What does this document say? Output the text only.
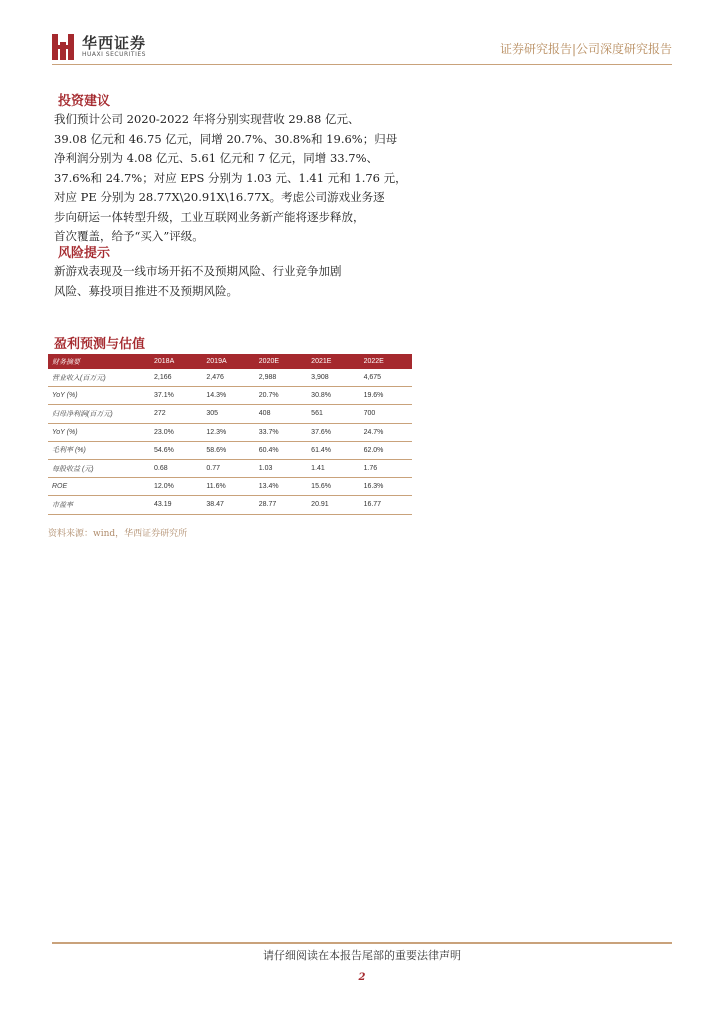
华西证券
HUAXI SECURITIES	证券研究报告|公司深度研究报告
投资建议
我们预计公司 2020-2022 年将分别实现营收 29.88 亿元、
39.08 亿元和 46.75 亿元，同增 20.7%、30.8%和 19.6%；归母
净利润分别为 4.08 亿元、5.61 亿元和 7 亿元，同增 33.7%、
37.6%和 24.7%；对应 EPS 分别为 1.03 元、1.41 元和 1.76 元，
对应 PE 分别为 28.77X\20.91X\16.77X。考虑公司游戏业务逐
步向研运一体转型升级，工业互联网业务新产能将逐步释放，
首次覆盖，给予“买入”评级。
风险提示
新游戏表现及一线市场开拓不及预期风险、行业竞争加剧
风险、募投项目推进不及预期风险。
盈利预测与估值
财务摘要	2018A	2019A	2020E	2021E	2022E
营业收入(百万元)	2,166	2,476	2,988	3,908	4,675
YoY (%)	37.1%	14.3%	20.7%	30.8%	19.6%
归母净利润(百万元)	272	305	408	561	700
YoY (%)	23.0%	12.3%	33.7%	37.6%	24.7%
毛利率 (%)	54.6%	58.6%	60.4%	61.4%	62.0%
每股收益 (元)	0.68	0.77	1.03	1.41	1.76
ROE	12.0%	11.6%	13.4%	15.6%	16.3%
市盈率	43.19	38.47	28.77	20.91	16.77
资料来源：wind，华西证券研究所
请仔细阅读在本报告尾部的重要法律声明
2
